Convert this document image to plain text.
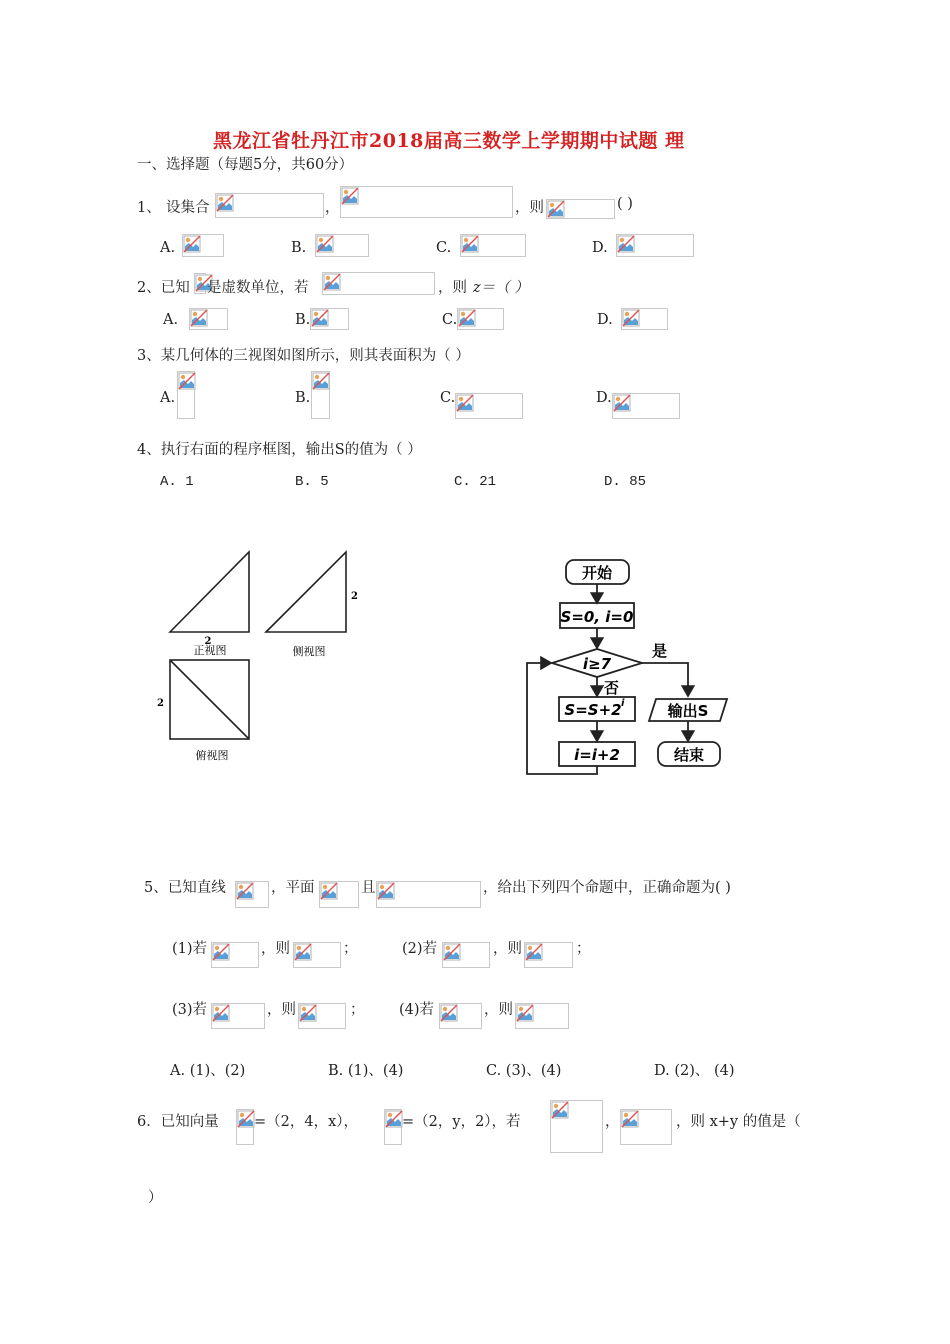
黑龙江省牡丹江市2018届高三数学上学期期中试题 理
一、选择题（每题5分，共60分）
1、 设集合	，	，则	( )
A.	B.	C.	D.
2、已知 是虚数单位，若	，则 z＝（ ）
A.	B.	C.	D.
3、某几何体的三视图如图所示，则其表面积为（ ）
A.	B.	C.	D.
4、执行右面的程序框图，输出S的值为（ ）
A. 1	B. 5	C. 21	D. 85
2
2
2
正视图	侧视图
俯视图
开始
S=0, i=0
i≥7
是
否
S=S+2 i
i=i+2
输出S
结束
5、已知直线	，平面	且	，给出下列四个命题中，正确命题为( )
(1)若	，则	；	(2)若	，则	；
(3)若	，则	； (4)若	，则
A. (1)、(2)	B. (1)、(4)	C. (3)、(4)	D. (2)、 (4)
6．已知向量 =（2，4，x），	=（2，y，2），若	，	，则 x+y 的值是（
）
